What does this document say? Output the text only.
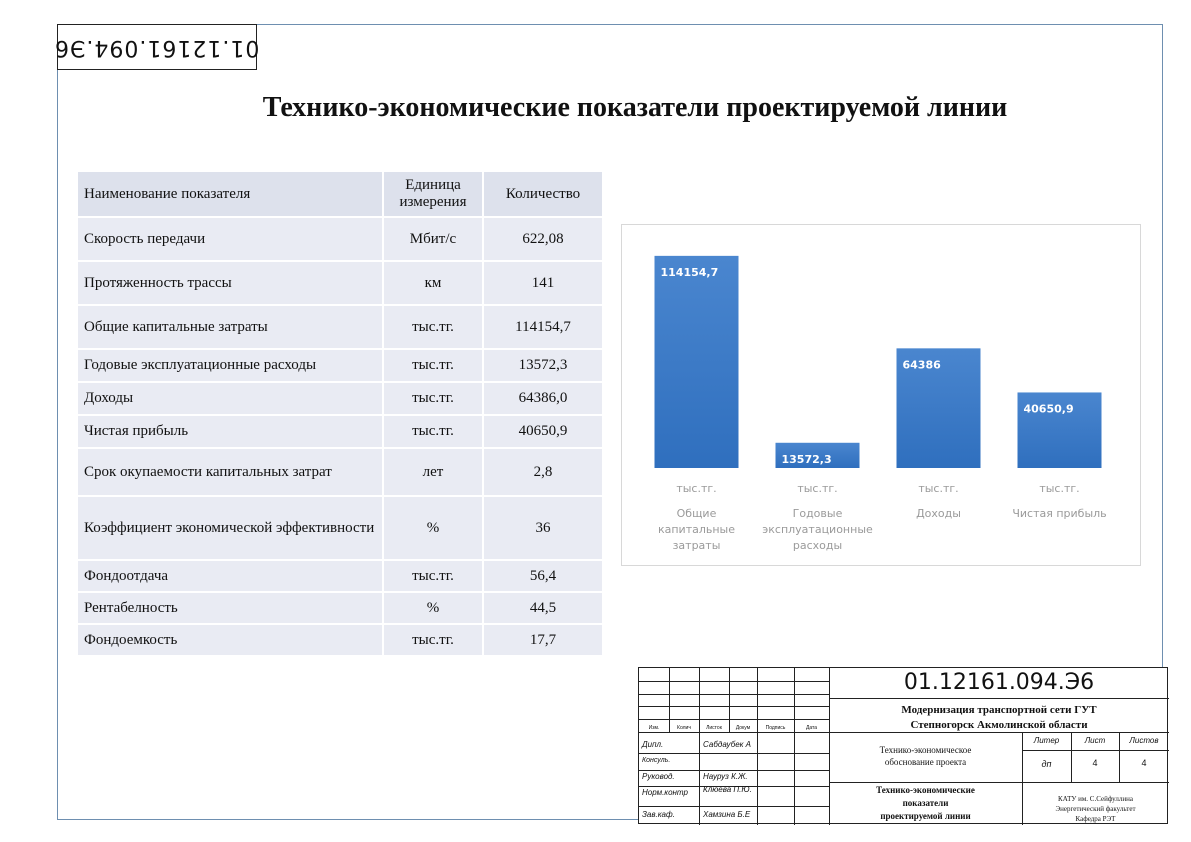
01.12161.094.Э6
Технико-экономические показатели проектируемой линии
Наименование показателя	Единица измерения	Количество
Скорость передачи	Мбит/с	622,08
Протяженность трассы	км	141
Общие капитальные затраты	тыс.тг.	114154,7
Годовые эксплуатационные расходы	тыс.тг.	13572,3
Доходы	тыс.тг.	64386,0
Чистая прибыль	тыс.тг.	40650,9
Срок окупаемости капитальных затрат	лет	2,8
Коэффициент экономической эффективности	%	36
Фондоотдача	тыс.тг.	56,4
Рентабелность	%	44,5
Фондоемкость	тыс.тг.	17,7
114154,7
тыс.тг.
Общие капитальные затраты
13572,3
тыс.тг.
Годовые эксплуатационные расходы
64386
тыс.тг.
Доходы
40650,9
тыс.тг.
Чистая прибыль
01.12161.094.Э6
Модернизация транспортной сети ГУТ
Степногорск Акмолинской области
Изм.	Колич	Листок	Докум	Подпись	Дата
Дипл.	Сабдаубек А
Консуль.
Руковод.	Науруз К.Ж.
Норм.контр Клюева П.Ю.
Зав.каф.	Хамзина Б.Е
Технико-экономическое
обоснование проекта
Технико-экономические
показатели
проектируемой линии
Литер	Лист	Листов
дп	4	4
КАТУ им. С.Сейфуллина
Энергетический факультет
Кафедра РЭТ
